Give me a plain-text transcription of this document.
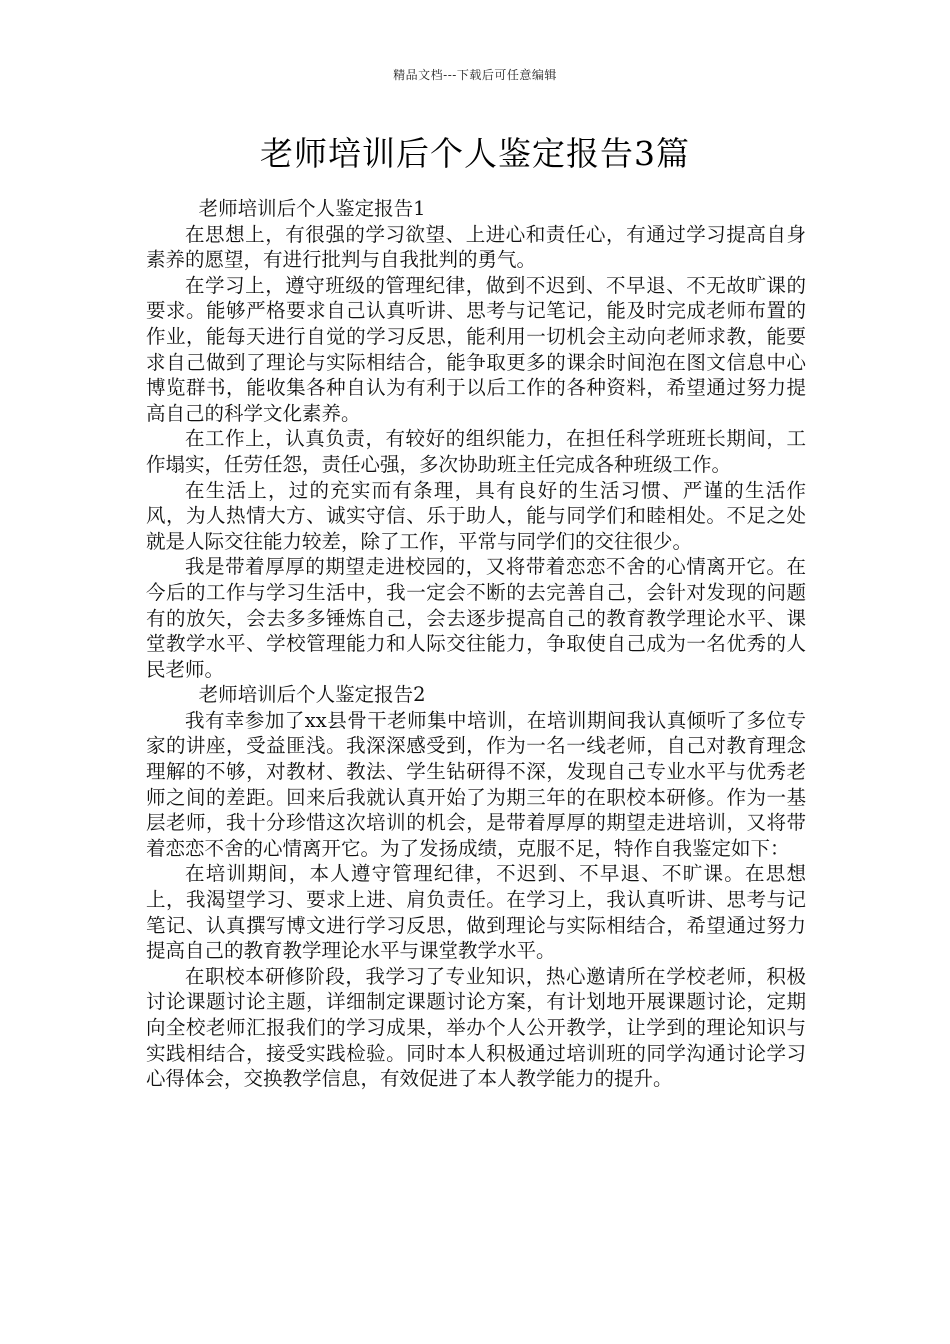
精品文档---下载后可任意编辑
老师培训后个人鉴定报告3篇

老师培训后个人鉴定报告1

在思想上，有很强的学习欲望、上进心和责任心，有通过学习提高自身素养的愿望，有进行批判与自我批判的勇气。

在学习上，遵守班级的管理纪律，做到不迟到、不早退、不无故旷课的要求。能够严格要求自己认真听讲、思考与记笔记，能及时完成老师布置的作业，能每天进行自觉的学习反思，能利用一切机会主动向老师求教，能要求自己做到了理论与实际相结合，能争取更多的课余时间泡在图文信息中心博览群书，能收集各种自认为有利于以后工作的各种资料，希望通过努力提高自己的科学文化素养。

在工作上，认真负责，有较好的组织能力，在担任科学班班长期间，工作塌实，任劳任怨，责任心强，多次协助班主任完成各种班级工作。

在生活上，过的充实而有条理，具有良好的生活习惯、严谨的生活作风，为人热情大方、诚实守信、乐于助人，能与同学们和睦相处。不足之处就是人际交往能力较差，除了工作，平常与同学们的交往很少。

我是带着厚厚的期望走进校园的，又将带着恋恋不舍的心情离开它。在今后的工作与学习生活中，我一定会不断的去完善自己，会针对发现的问题有的放矢，会去多多锤炼自己，会去逐步提高自己的教育教学理论水平、课堂教学水平、学校管理能力和人际交往能力，争取使自己成为一名优秀的人民老师。

老师培训后个人鉴定报告2

我有幸参加了xx县骨干老师集中培训，在培训期间我认真倾听了多位专家的讲座，受益匪浅。我深深感受到，作为一名一线老师，自己对教育理念理解的不够，对教材、教法、学生钻研得不深，发现自己专业水平与优秀老师之间的差距。回来后我就认真开始了为期三年的在职校本研修。作为一基层老师，我十分珍惜这次培训的机会，是带着厚厚的期望走进培训，又将带着恋恋不舍的心情离开它。为了发扬成绩，克服不足，特作自我鉴定如下：

在培训期间，本人遵守管理纪律，不迟到、不早退、不旷课。在思想上，我渴望学习、要求上进、肩负责任。在学习上，我认真听讲、思考与记笔记、认真撰写博文进行学习反思，做到理论与实际相结合，希望通过努力提高自己的教育教学理论水平与课堂教学水平。

在职校本研修阶段，我学习了专业知识，热心邀请所在学校老师，积极讨论课题讨论主题，详细制定课题讨论方案，有计划地开展课题讨论，定期向全校老师汇报我们的学习成果，举办个人公开教学，让学到的理论知识与实践相结合，接受实践检验。同时本人积极通过培训班的同学沟通讨论学习心得体会，交换教学信息，有效促进了本人教学能力的提升。
